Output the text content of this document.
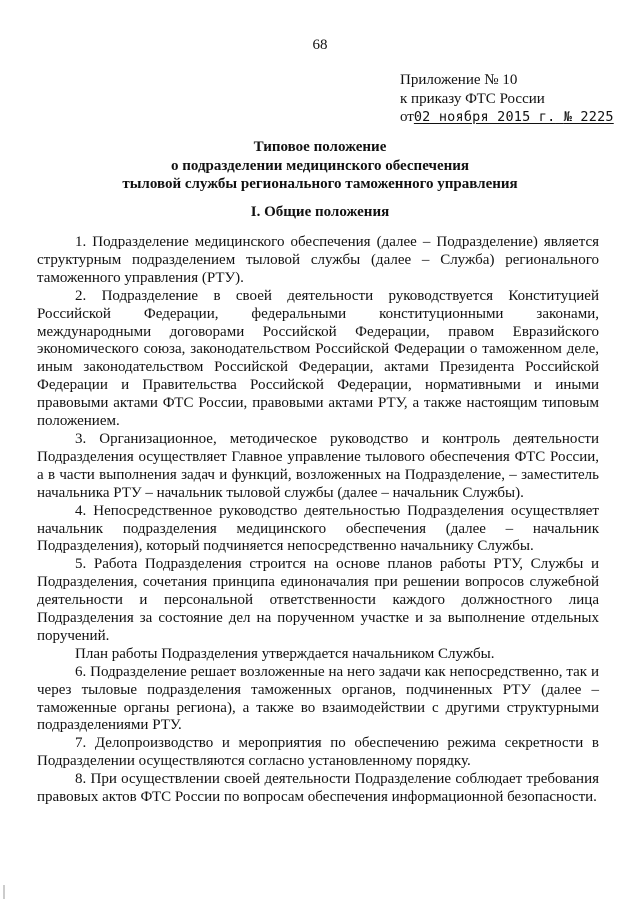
68
Приложение № 10
к приказу ФТС России
от02 ноября 2015 г. № 2225
Типовое положение
о подразделении медицинского обеспечения
тыловой службы регионального таможенного управления
I. Общие положения

1. Подразделение медицинского обеспечения (далее – Подразделение) является структурным подразделением тыловой службы (далее – Служба) регионального таможенного управления (РТУ).

2. Подразделение в своей деятельности руководствуется Конституцией Российской Федерации, федеральными конституционными законами, международными договорами Российской Федерации, правом Евразийского экономического союза, законодательством Российской Федерации о таможенном деле, иным законодательством Российской Федерации, актами Президента Российской Федерации и Правительства Российской Федерации, нормативными и иными правовыми актами ФТС России, правовыми актами РТУ, а также настоящим типовым положением.

3. Организационное, методическое руководство и контроль деятельности Подразделения осуществляет Главное управление тылового обеспечения ФТС России, а в части выполнения задач и функций, возложенных на Подразделение, – заместитель начальника РТУ – начальник тыловой службы (далее – начальник Службы).

4. Непосредственное руководство деятельностью Подразделения осуществляет начальник подразделения медицинского обеспечения (далее – начальник Подразделения), который подчиняется непосредственно начальнику Службы.

5. Работа Подразделения строится на основе планов работы РТУ, Службы и Подразделения, сочетания принципа единоначалия при решении вопросов служебной деятельности и персональной ответственности каждого должностного лица Подразделения за состояние дел на порученном участке и за выполнение отдельных поручений.

План работы Подразделения утверждается начальником Службы.

6. Подразделение решает возложенные на него задачи как непосредственно, так и через тыловые подразделения таможенных органов, подчиненных РТУ (далее – таможенные органы региона), а также во взаимодействии с другими структурными подразделениями РТУ.

7. Делопроизводство и мероприятия по обеспечению режима секретности в Подразделении осуществляются согласно установленному порядку.

8. При осуществлении своей деятельности Подразделение соблюдает требования правовых актов ФТС России по вопросам обеспечения информационной безопасности.
